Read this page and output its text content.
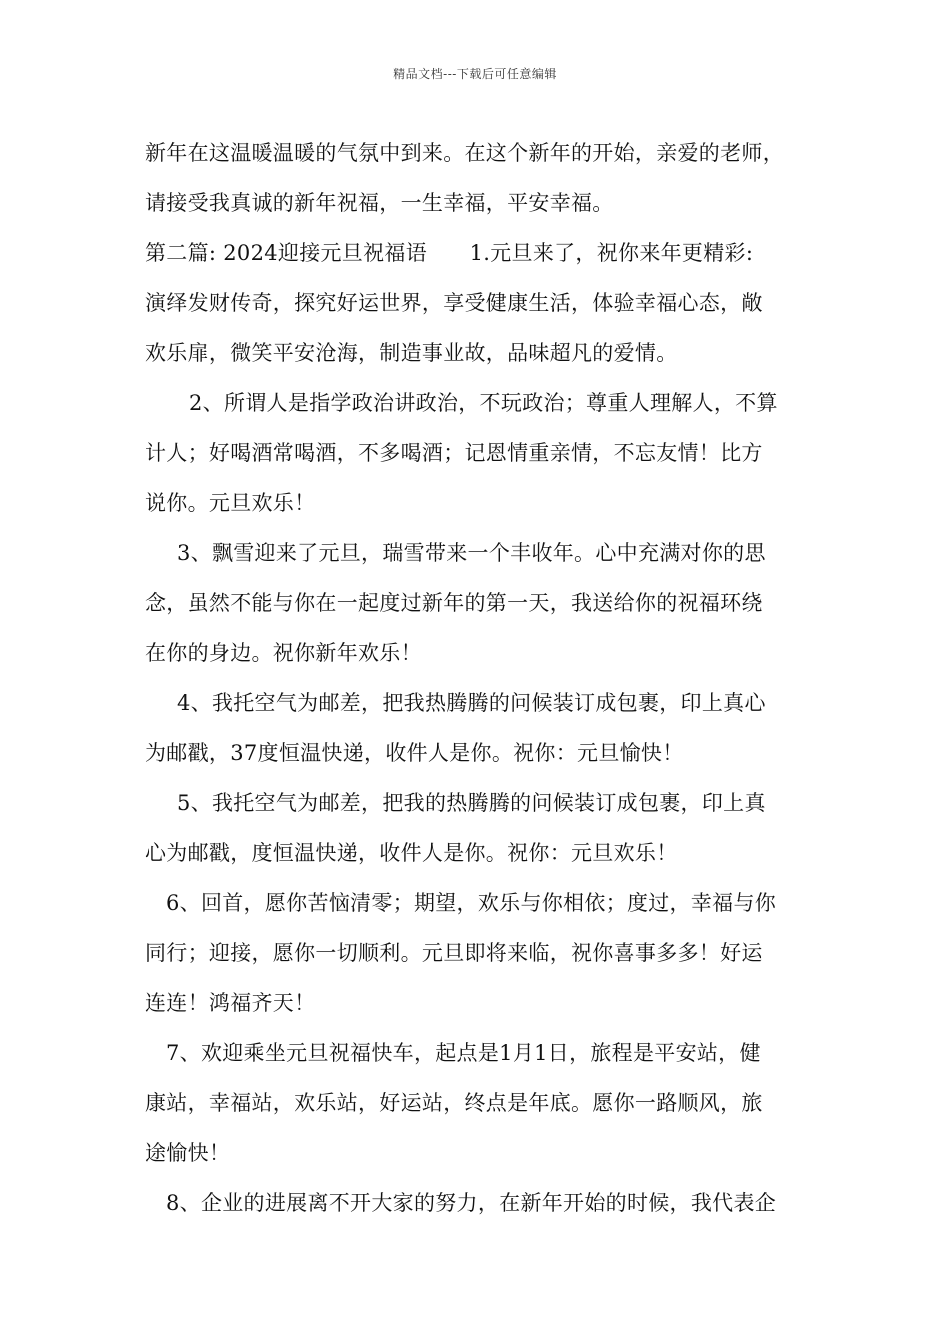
精品文档---下载后可任意编辑
新年在这温暖温暖的气氛中到来。在这个新年的开始，亲爱的老师，
请接受我真诚的新年祝福，一生幸福，平安幸福。
第二篇: 2024迎接元旦祝福语　　1.元旦来了，祝你来年更精彩:
演绎发财传奇，探究好运世界，享受健康生活，体验幸福心态，敞
欢乐扉，微笑平安沧海，制造事业故，品味超凡的爱情。
2、所谓人是指学政治讲政治，不玩政治；尊重人理解人，不算
计人；好喝酒常喝酒，不多喝酒；记恩情重亲情，不忘友情！比方
说你。元旦欢乐！
3、飘雪迎来了元旦，瑞雪带来一个丰收年。心中充满对你的思
念，虽然不能与你在一起度过新年的第一天，我送给你的祝福环绕
在你的身边。祝你新年欢乐！
4、我托空气为邮差，把我热腾腾的问候装订成包裹，印上真心
为邮戳，37度恒温快递，收件人是你。祝你：元旦愉快！
5、我托空气为邮差，把我的热腾腾的问候装订成包裹，印上真
心为邮戳，度恒温快递，收件人是你。祝你：元旦欢乐！
6、回首，愿你苦恼清零；期望，欢乐与你相依；度过，幸福与你
同行；迎接，愿你一切顺利。元旦即将来临，祝你喜事多多！好运
连连！鸿福齐天！
7、欢迎乘坐元旦祝福快车，起点是1月1日，旅程是平安站，健
康站，幸福站，欢乐站，好运站，终点是年底。愿你一路顺风，旅
途愉快！
8、企业的进展离不开大家的努力，在新年开始的时候，我代表企
